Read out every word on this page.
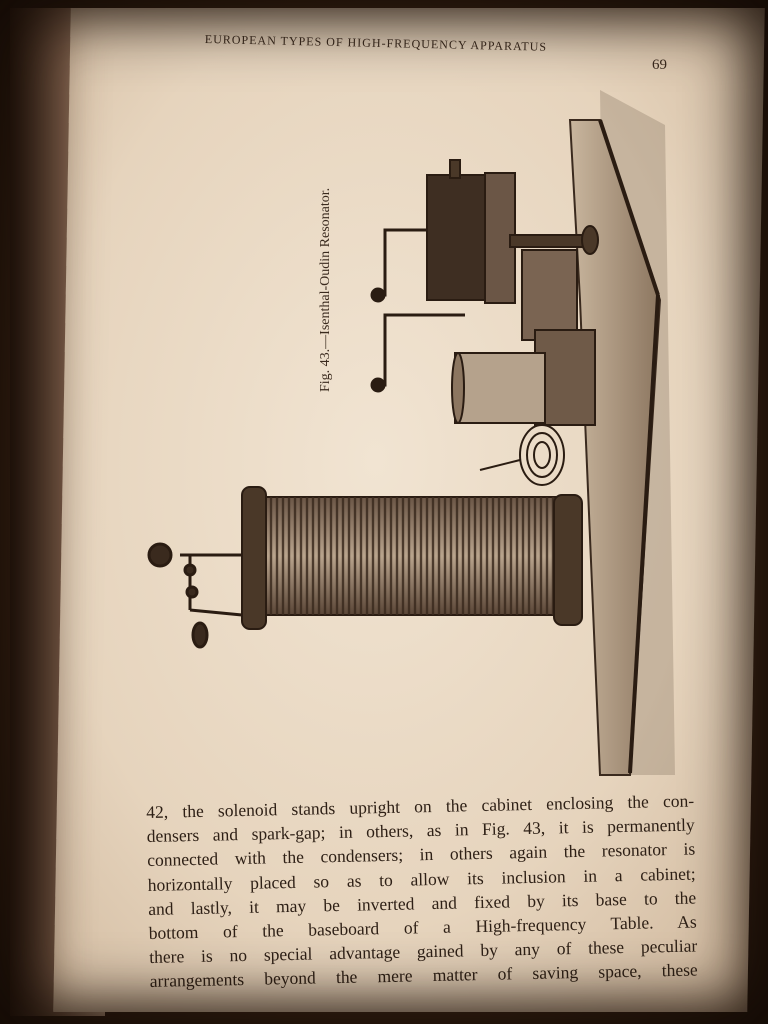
EUROPEAN TYPES OF HIGH-FREQUENCY APPARATUS
69
Fig. 43.—Isenthal-Oudin Resonator.
42, the solenoid stands upright on the cabinet enclosing the con-
densers and spark-gap; in others, as in Fig. 43, it is permanently
connected with the condensers; in others again the resonator is
horizontally placed so as to allow its inclusion in a cabinet;
and lastly, it may be inverted and fixed by its base to the
bottom of the baseboard of a High-frequency Table. As
there is no special advantage gained by any of these peculiar
arrangements beyond the mere matter of saving space, these
